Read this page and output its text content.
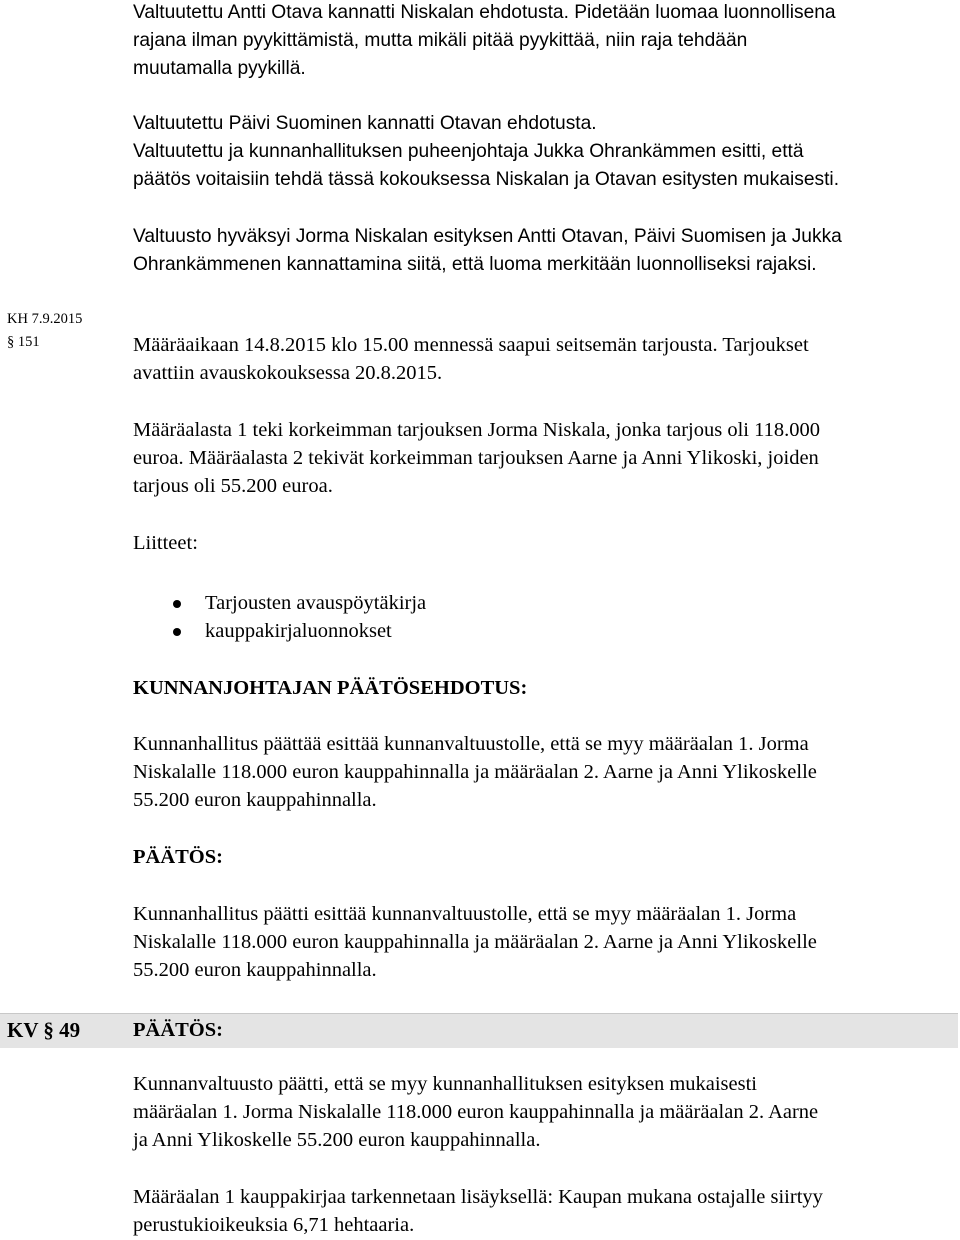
Valtuutettu Antti Otava kannatti Niskalan ehdotusta. Pidetään luomaa luonnollisena
rajana ilman pyykittämistä, mutta mikäli pitää pyykittää, niin raja tehdään
muutamalla pyykillä.
Valtuutettu Päivi Suominen kannatti Otavan ehdotusta.
Valtuutettu ja kunnanhallituksen puheenjohtaja Jukka Ohrankämmen esitti, että
päätös voitaisiin tehdä tässä kokouksessa Niskalan ja Otavan esitysten mukaisesti.
Valtuusto hyväksyi Jorma Niskalan esityksen Antti Otavan, Päivi Suomisen ja Jukka
Ohrankämmenen kannattamina siitä, että luoma merkitään luonnolliseksi rajaksi.
KH 7.9.2015
§ 151	Määräaikaan 14.8.2015 klo 15.00 mennessä saapui seitsemän tarjousta. Tarjoukset
avattiin avauskokouksessa 20.8.2015.
Määräalasta 1 teki korkeimman tarjouksen Jorma Niskala, jonka tarjous oli 118.000
euroa. Määräalasta 2 tekivät korkeimman tarjouksen Aarne ja Anni Ylikoski, joiden
tarjous oli 55.200 euroa.
Liitteet:
Tarjousten avauspöytäkirja
kauppakirjaluonnokset
KUNNANJOHTAJAN PÄÄTÖSEHDOTUS:
Kunnanhallitus päättää esittää kunnanvaltuustolle, että se myy määräalan 1. Jorma
Niskalalle 118.000 euron kauppahinnalla ja määräalan 2. Aarne ja Anni Ylikoskelle
55.200 euron kauppahinnalla.
PÄÄTÖS:
Kunnanhallitus päätti esittää kunnanvaltuustolle, että se myy määräalan 1. Jorma
Niskalalle 118.000 euron kauppahinnalla ja määräalan 2. Aarne ja Anni Ylikoskelle
55.200 euron kauppahinnalla.
KV § 49	PÄÄTÖS:
Kunnanvaltuusto päätti, että se myy kunnanhallituksen esityksen mukaisesti
määräalan 1. Jorma Niskalalle 118.000 euron kauppahinnalla ja määräalan 2. Aarne
ja Anni Ylikoskelle 55.200 euron kauppahinnalla.
Määräalan 1 kauppakirjaa tarkennetaan lisäyksellä: Kaupan mukana ostajalle siirtyy
perustukioikeuksia 6,71 hehtaaria.
